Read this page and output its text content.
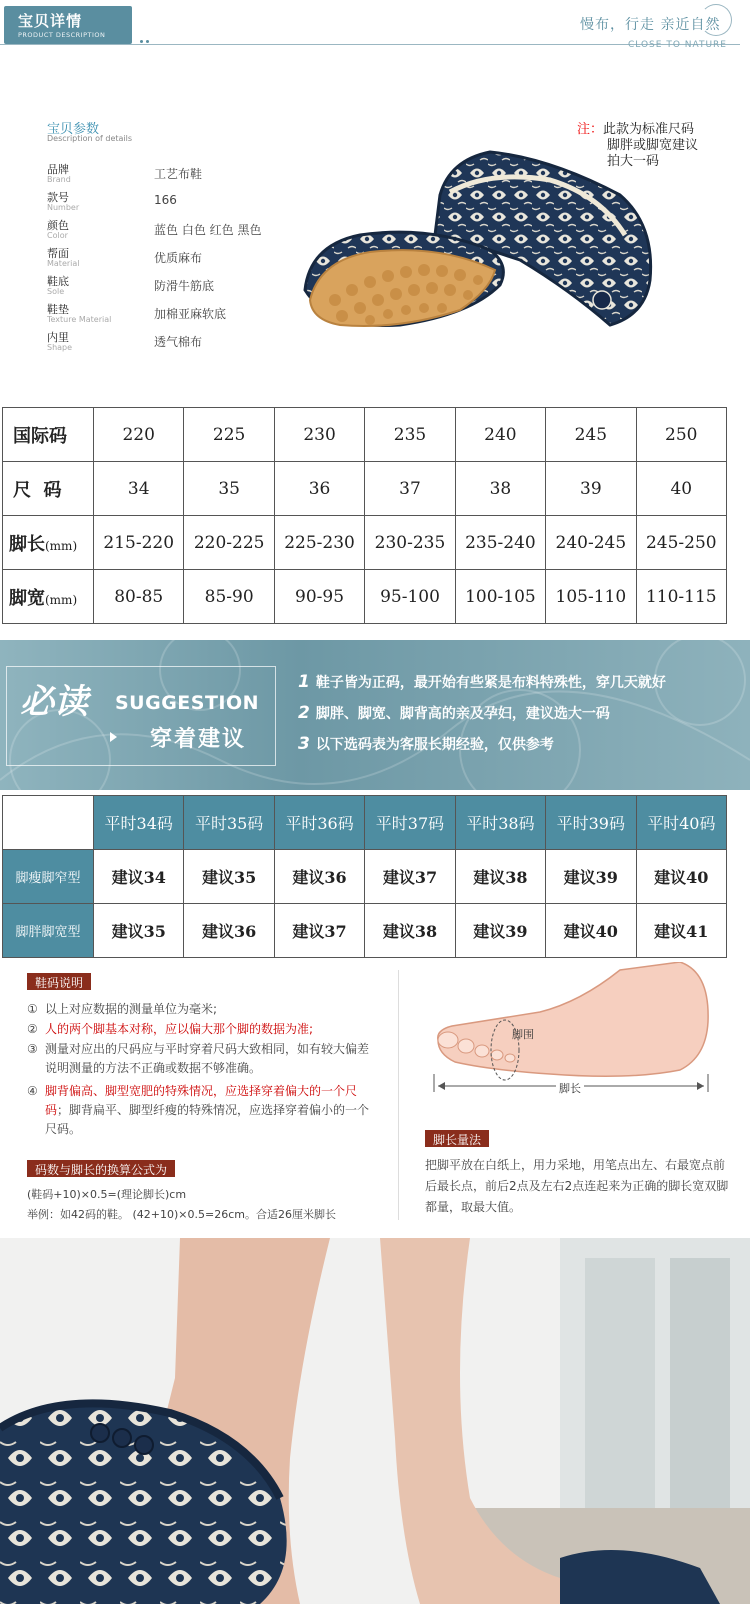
宝贝详情
PRODUCT DESCRIPTION
慢布，行走 亲近自然
CLOSE TO NATURE
宝贝参数
Description of details
品牌
Brand	工艺布鞋
款号
Number
166
颜色
Color	蓝色 白色 红色 黑色
帮面
Material	优质麻布
鞋底
Sole	防滑牛筋底
鞋垫
Texture Material	加棉亚麻软底
内里
Shape	透气棉布
注：此款为标准尺码
脚胖或脚宽建议
拍大一码
国际码	220	225	230	235	240	245	250
尺  码	34	35	36	37	38	39	40
脚长(mm)	215-220	220-225	225-230	230-235	235-240	240-245	245-250
脚宽(mm)	80-85	85-90	90-95	95-100	100-105	105-110	110-115
必读 SUGGESTION
穿着建议
1 鞋子皆为正码，最开始有些紧是布料特殊性，穿几天就好
2 脚胖、脚宽、脚背高的亲及孕妇，建议选大一码
3 以下选码表为客服长期经验，仅供参考
	平时34码	平时35码	平时36码	平时37码	平时38码	平时39码	平时40码
脚瘦脚窄型	建议34	建议35	建议36	建议37	建议38	建议39	建议40
脚胖脚宽型	建议35	建议36	建议37	建议38	建议39	建议40	建议41
鞋码说明
① 以上对应数据的测量单位为毫米;
② 人的两个脚基本对称，应以偏大那个脚的数据为准;
③ 测量对应出的尺码应与平时穿着尺码大致相同，如有较大偏差说明测量的方法不正确或数据不够准确。
④ 脚背偏高、脚型宽肥的特殊情况，应选择穿着偏大的一个尺码；脚背扁平、脚型纤瘦的特殊情况，应选择穿着偏小的一个尺码。
码数与脚长的换算公式为
(鞋码+10)×0.5=(理论脚长)cm
举例：如42码的鞋。 (42+10)×0.5=26cm。合适26厘米脚长
脚围
脚长
脚长量法
把脚平放在白纸上，用力采地，用笔点出左、右最宽点前后最长点，前后2点及左右2点连起来为正确的脚长宽双脚都量，取最大值。
